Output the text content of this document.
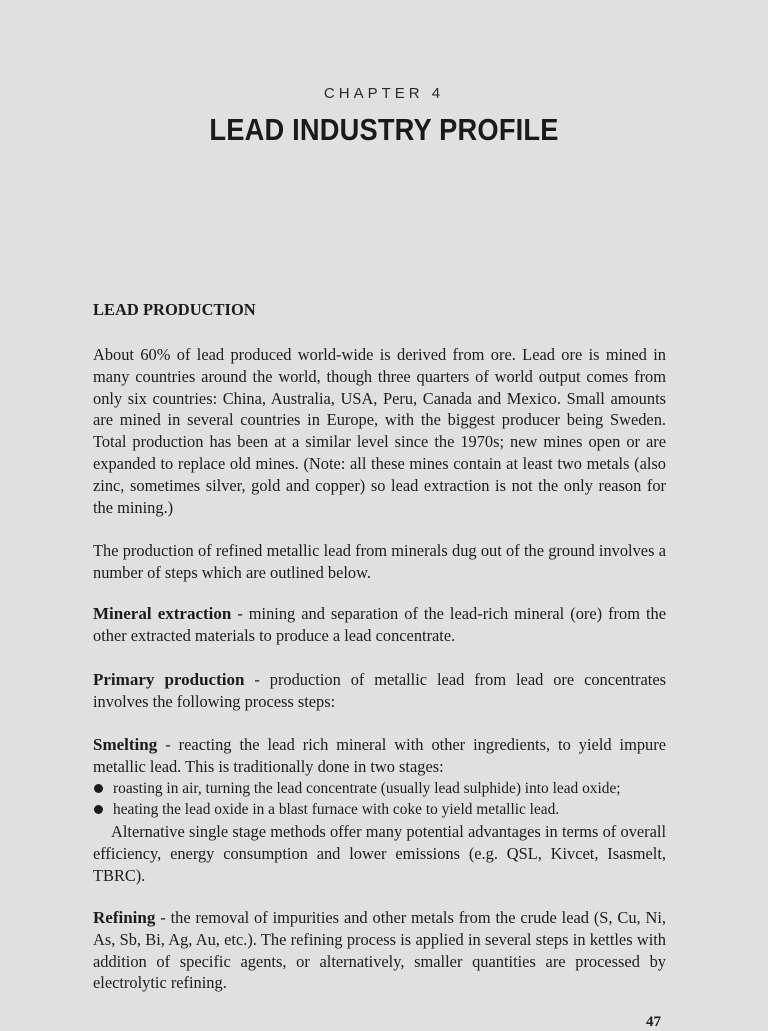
CHAPTER 4
LEAD INDUSTRY PROFILE
LEAD PRODUCTION

About 60% of lead produced world-wide is derived from ore. Lead ore is mined in many countries around the world, though three quarters of world output comes from only six countries: China, Australia, USA, Peru, Canada and Mexico. Small amounts are mined in several countries in Europe, with the biggest producer being Sweden. Total production has been at a similar level since the 1970s; new mines open or are expanded to replace old mines. (Note: all these mines contain at least two metals (also zinc, sometimes silver, gold and copper) so lead extraction is not the only reason for the mining.)

The production of refined metallic lead from minerals dug out of the ground involves a number of steps which are outlined below.

Mineral extraction - mining and separation of the lead-rich mineral (ore) from the other extracted materials to produce a lead concentrate.

Primary production - production of metallic lead from lead ore concentrates involves the following process steps:

Smelting - reacting the lead rich mineral with other ingredients, to yield impure metallic lead. This is traditionally done in two stages:

roasting in air, turning the lead concentrate (usually lead sulphide) into lead oxide;
heating the lead oxide in a blast furnace with coke to yield metallic lead.

Alternative single stage methods offer many potential advantages in terms of overall efficiency, energy consumption and lower emissions (e.g. QSL, Kivcet, Isasmelt, TBRC).

Refining - the removal of impurities and other metals from the crude lead (S, Cu, Ni, As, Sb, Bi, Ag, Au, etc.). The refining process is applied in several steps in kettles with addition of specific agents, or alternatively, smaller quantities are processed by electrolytic refining.

47
